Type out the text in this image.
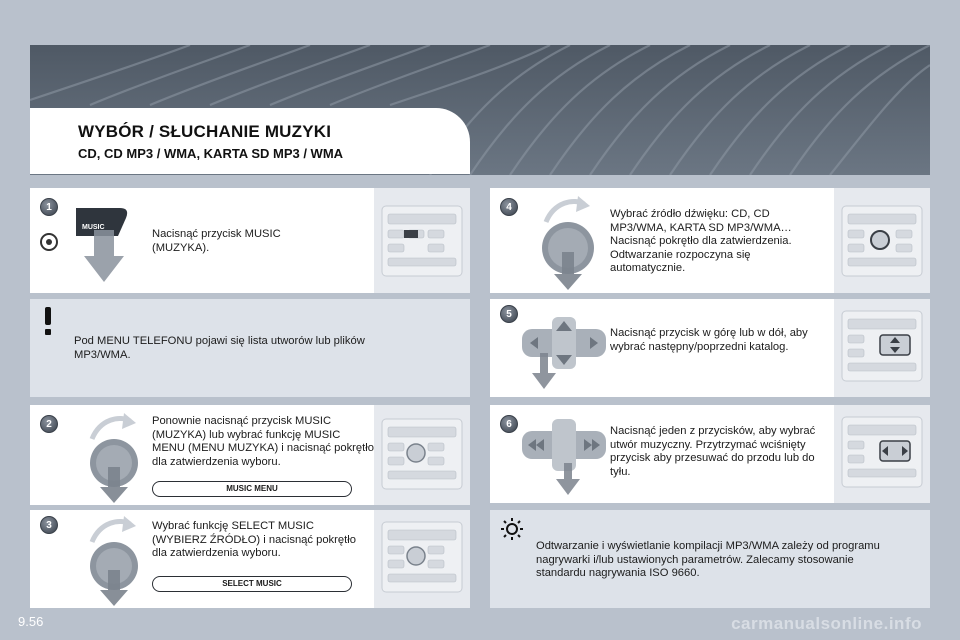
WYBÓR / SŁUCHANIE MUZYKI
CD, CD MP3 / WMA, KARTA SD MP3 / WMA
1
MUSIC
Nacisnąć przycisk MUSIC (MUZYKA).
Pod MENU TELEFONU pojawi się lista utworów lub plików MP3/WMA.
2	Ponownie nacisnąć przycisk MUSIC (MUZYKA) lub wybrać funkcję MUSIC MENU (MENU MUZYKA) i nacisnąć pokrętło dla zatwierdzenia wyboru.
MUSIC MENU
3	Wybrać funkcję SELECT MUSIC (WYBIERZ ŹRÓDŁO) i nacisnąć pokrętło dla zatwierdzenia wyboru.
SELECT MUSIC
4
Wybrać źródło dźwięku: CD, CD MP3/WMA, KARTA SD MP3/WMA… Nacisnąć pokrętło dla zatwierdzenia. Odtwarzanie rozpoczyna się automatycznie.
5
Nacisnąć przycisk w górę lub w dół, aby wybrać następny/poprzedni katalog.
6
Nacisnąć jeden z przycisków, aby wybrać utwór muzyczny. Przytrzymać wciśnięty przycisk aby przesuwać do przodu lub do tyłu.
Odtwarzanie i wyświetlanie kompilacji MP3/WMA zależy od programu nagrywarki i/lub ustawionych parametrów. Zalecamy stosowanie standardu nagrywania ISO 9660.
9.56	carmanualsonline.info
